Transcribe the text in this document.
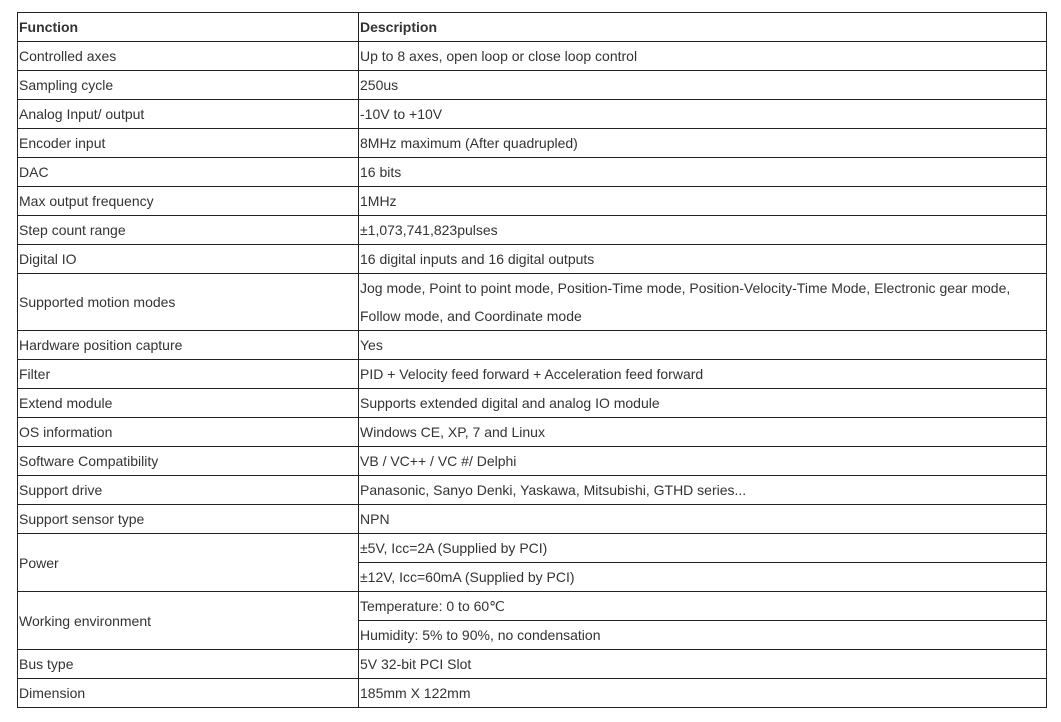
Function	Description
Controlled axes	Up to 8 axes, open loop or close loop control
Sampling cycle	250us
Analog Input/ output	-10V to +10V
Encoder input	8MHz maximum (After quadrupled)
DAC	16 bits
Max output frequency	1MHz
Step count range	±1,073,741,823pulses
Digital IO	16 digital inputs and 16 digital outputs
Supported motion modes	Jog mode, Point to point mode, Position-Time mode, Position-Velocity-Time Mode, Electronic gear mode, Follow mode, and Coordinate mode
Hardware position capture	Yes
Filter	PID + Velocity feed forward + Acceleration feed forward
Extend module	Supports extended digital and analog IO module
OS information	Windows CE, XP, 7 and Linux
Software Compatibility	VB / VC++ / VC #/ Delphi
Support drive	Panasonic, Sanyo Denki, Yaskawa, Mitsubishi, GTHD series...
Support sensor type	NPN
Power	±5V, Icc=2A (Supplied by PCI)
	±12V, Icc=60mA (Supplied by PCI)
Working environment	Temperature: 0 to 60℃
	Humidity: 5% to 90%, no condensation
Bus type	5V 32-bit PCI Slot
Dimension	185mm X 122mm
